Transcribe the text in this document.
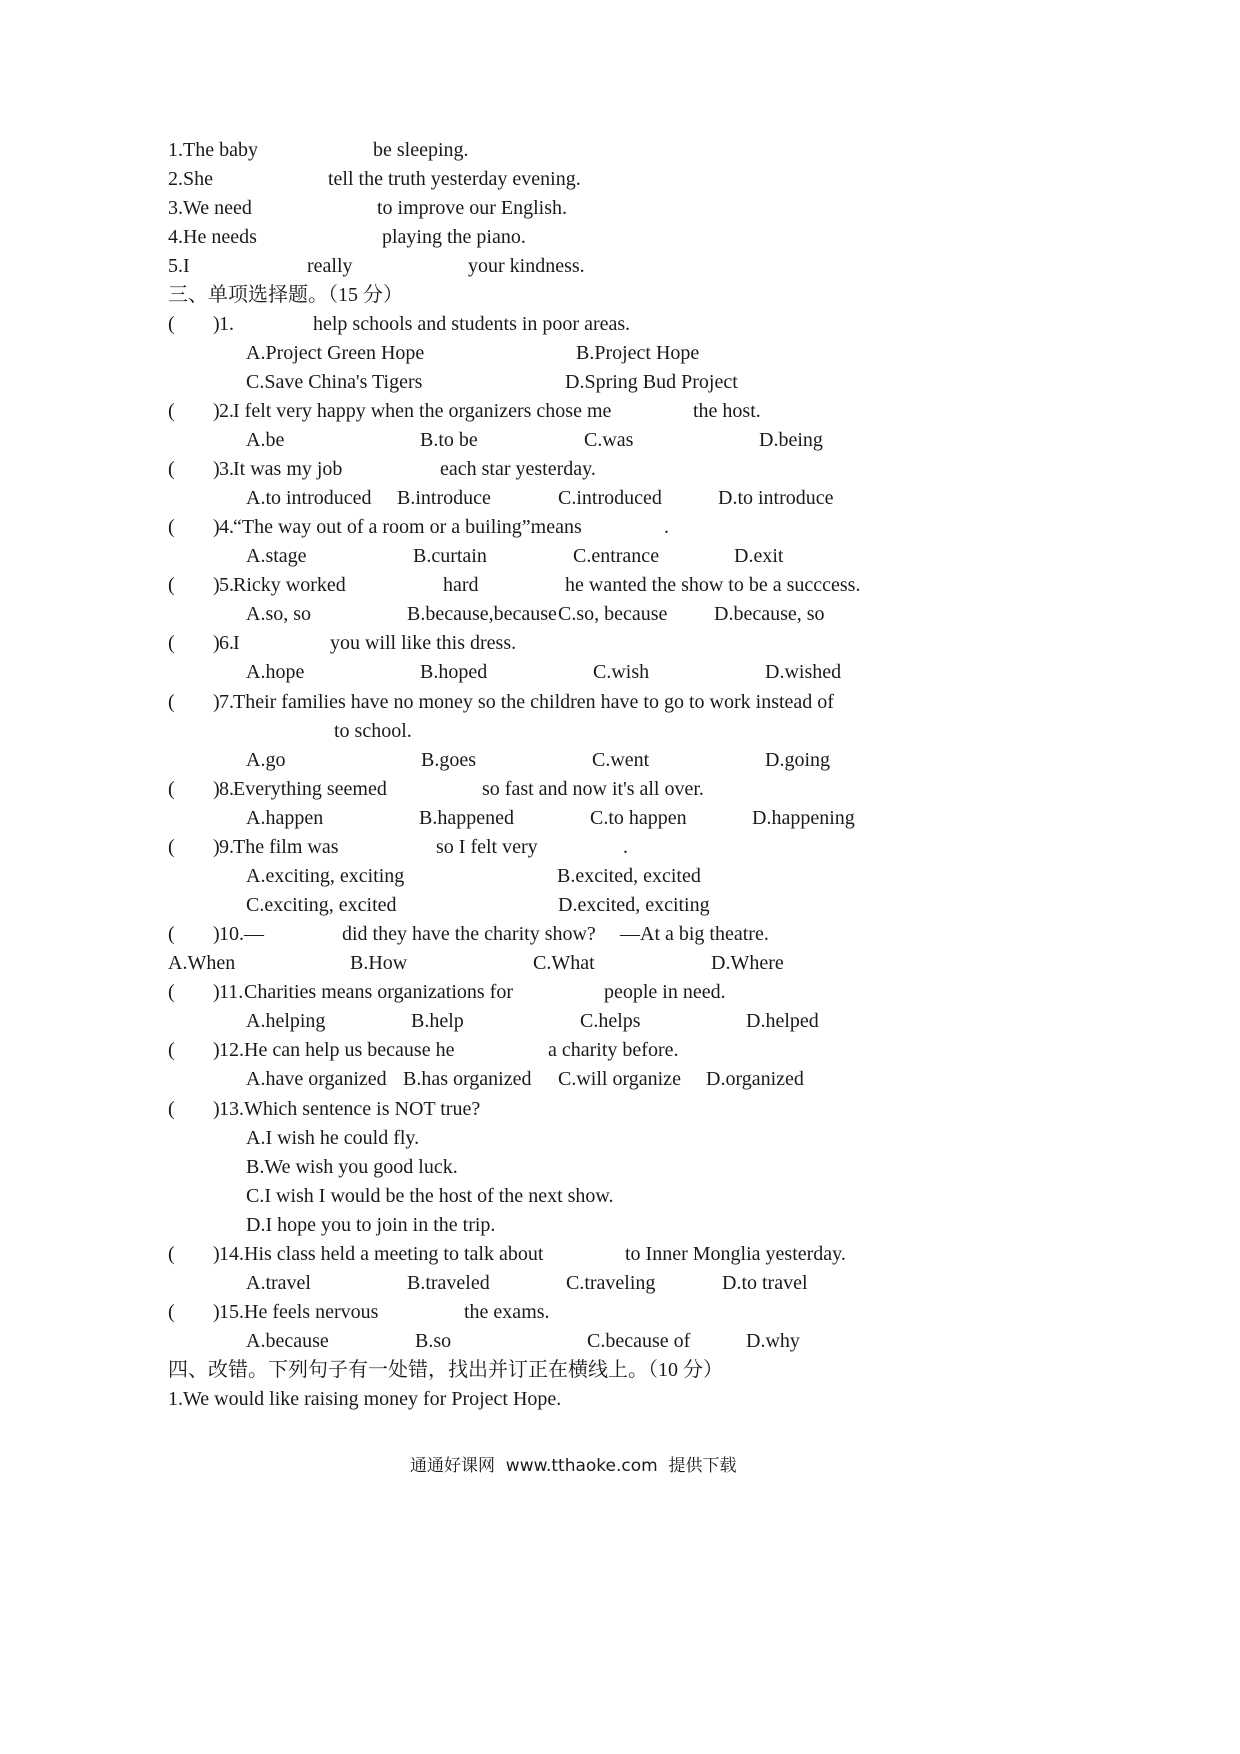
1.The baby	be sleeping.
2.She	tell the truth yesterday evening.
3.We need	to improve our English.
4.He needs	playing the piano.
5.I	really	your kindness.
三、单项选择题。（15 分）
( ) 1.	help schools and students in poor areas.
A.Project Green Hope	B.Project Hope
C.Save China's Tigers	D.Spring Bud Project
( ) 2. I felt very happy when the organizers chose me	the host.
A.be	B.to be	C.was	D.being
( ) 3. It was my job	each star yesterday.
A.to introduced B.introduce	C.introduced	D.to introduce
( ) 4. “The way out of a room or a builing”means	.
A.stage	B.curtain	C.entrance	D.exit
( ) 5. Ricky worked	hard	he wanted the show to be a succcess.
A.so, so	B.because,because C.so, because D.because, so
( ) 6. I	you will like this dress.
A.hope	B.hoped	C.wish	D.wished
( ) 7. Their families have no money so the children have to go to work instead of
to school.
A.go	B.goes	C.went	D.going
( ) 8. Everything seemed	so fast and now it's all over.
A.happen	B.happened	C.to happen	D.happening
( ) 9. The film was	so I felt very	.
A.exciting, exciting	B.excited, excited
C.exciting, excited	D.excited, exciting
( ) 10. —	did they have the charity show? —At a big theatre.
A.When	B.How	C.What	D.Where
( ) 11. Charities means organizations for	people in need.
A.helping	B.help	C.helps	D.helped
( ) 12. He can help us because he	a charity before.
A.have organized B.has organized C.will organize D.organized
( ) 13. Which sentence is NOT true?
A.I wish he could fly.
B.We wish you good luck.
C.I wish I would be the host of the next show.
D.I hope you to join in the trip.
( ) 14. His class held a meeting to talk about	to Inner Monglia yesterday.
A.travel	B.traveled	C.traveling	D.to travel
( ) 15. He feels nervous	the exams.
A.because	B.so	C.because of	D.why
四、改错。下列句子有一处错，找出并订正在横线上。（10 分）
1.We would like raising money for Project Hope.
通通好课网  www.tthaoke.com  提供下载
